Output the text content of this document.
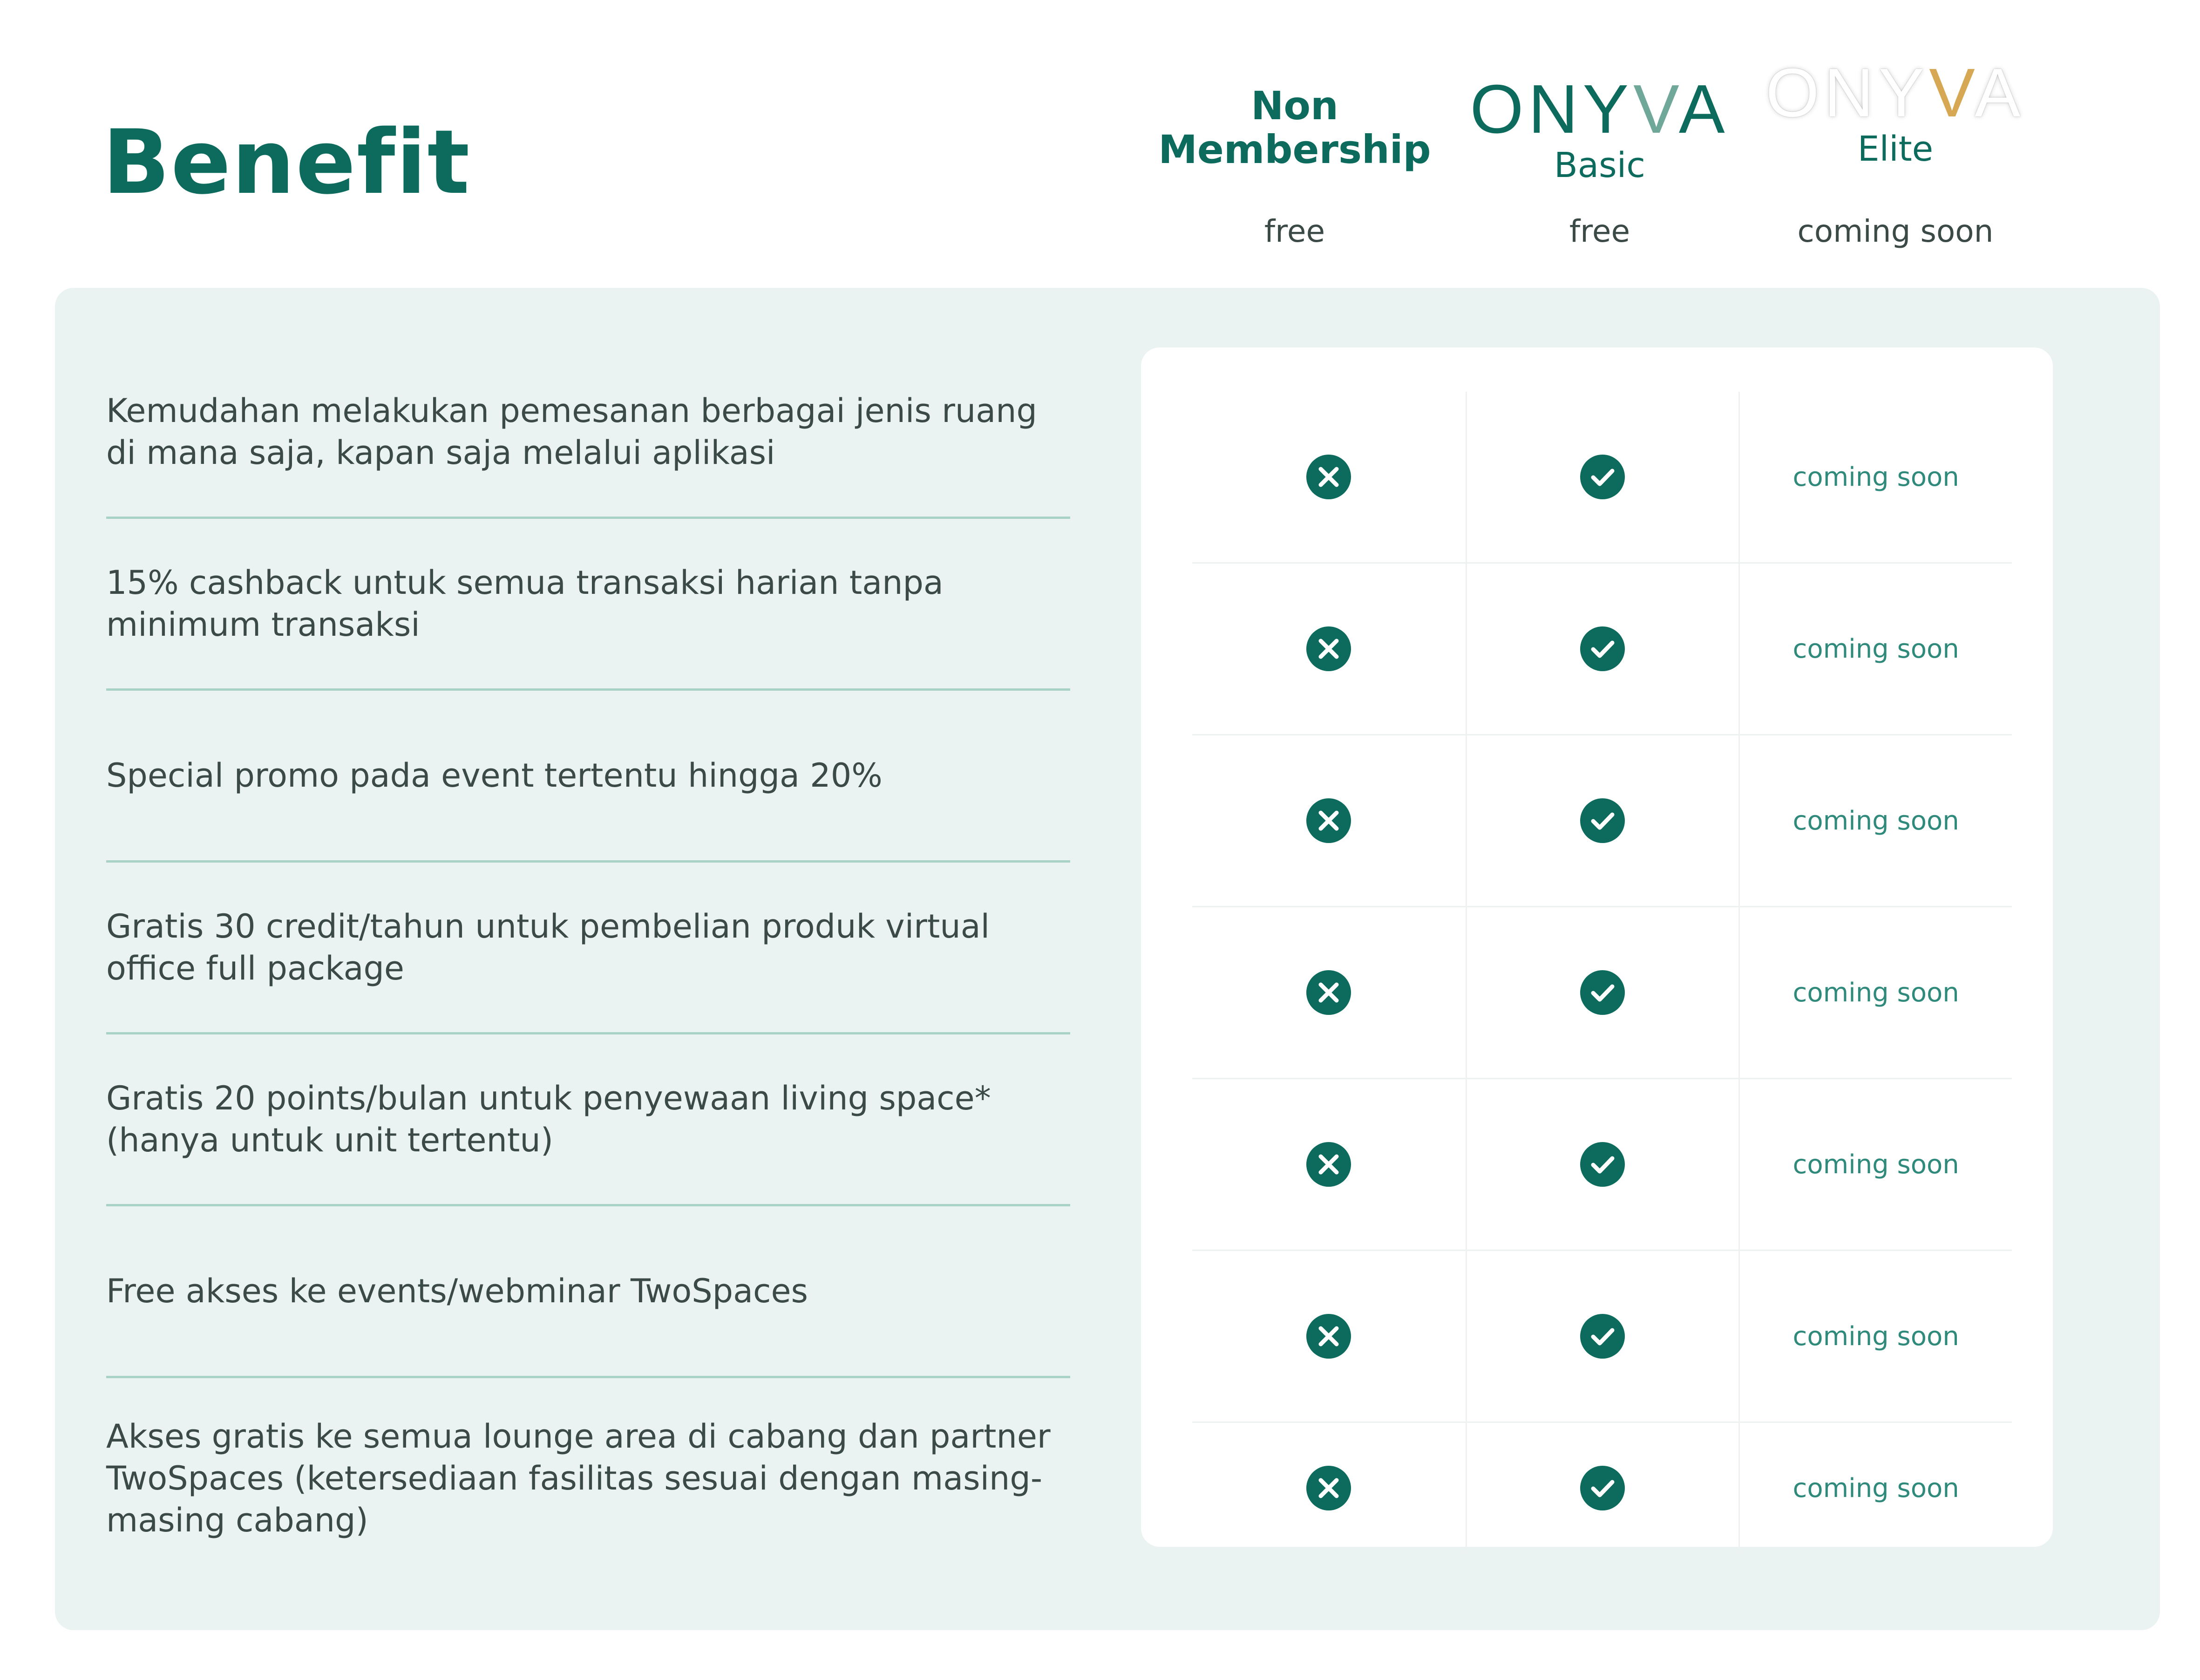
Benefit
Non
Membership
free
ONYVA
Basic
free
ONYVA
Elite
coming soon
Kemudahan melakukan pemesanan berbagai jenis ruang di mana saja, kapan saja melalui aplikasi
15% cashback untuk semua transaksi harian tanpa minimum transaksi
Special promo pada event tertentu hingga 20%
Gratis 30 credit/tahun untuk pembelian produk virtual office full package
Gratis 20 points/bulan untuk penyewaan living space* (hanya untuk unit tertentu)
Free akses ke events/webminar TwoSpaces
Akses gratis ke semua lounge area di cabang dan partner TwoSpaces (ketersediaan fasilitas sesuai dengan masing-masing cabang)
coming soon
coming soon
coming soon
coming soon
coming soon
coming soon
coming soon
